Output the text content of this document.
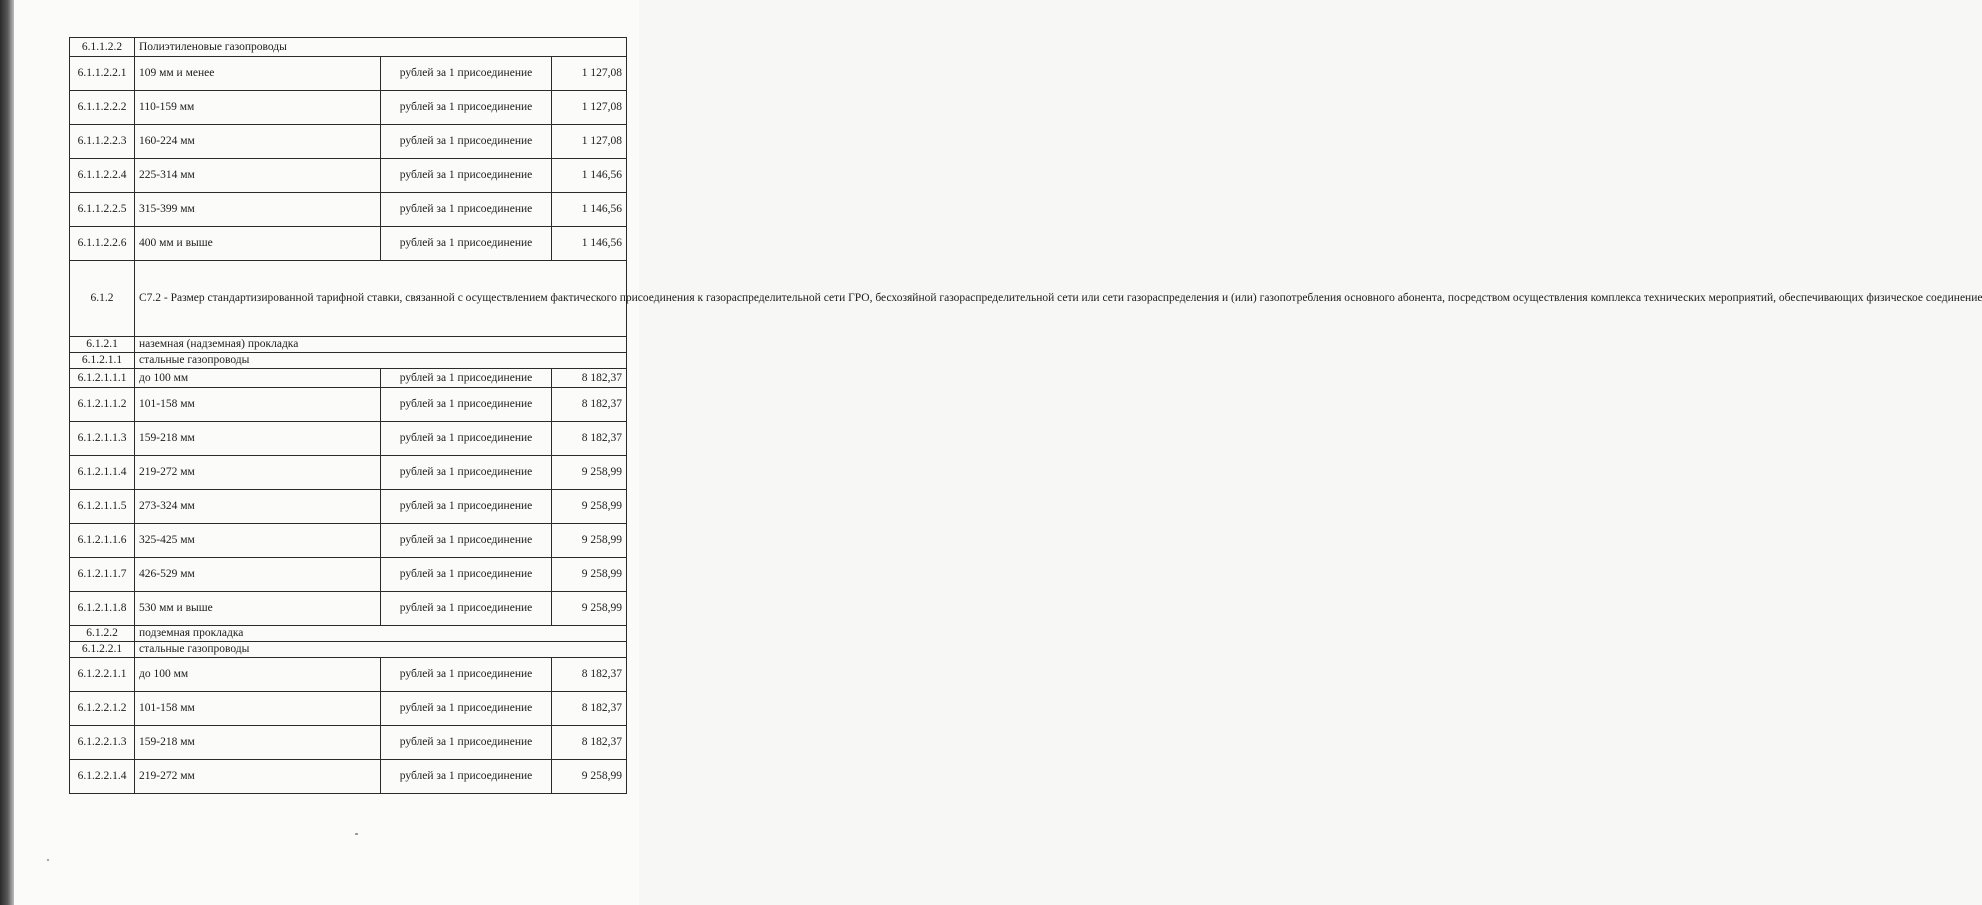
6.1.1.2.2	Полиэтиленовые газопроводы		
6.1.1.2.2.1	109 мм и менее	рублей за 1 присоединение	1 127,08
6.1.1.2.2.2	110-159 мм	рублей за 1 присоединение	1 127,08
6.1.1.2.2.3	160-224 мм	рублей за 1 присоединение	1 127,08
6.1.1.2.2.4	225-314 мм	рублей за 1 присоединение	1 146,56
6.1.1.2.2.5	315-399 мм	рублей за 1 присоединение	1 146,56
6.1.1.2.2.6	400 мм и выше	рублей за 1 присоединение	1 146,56
6.1.2	С7.2 - Размер стандартизированной тарифной ставки, связанной с осуществлением фактического присоединения к газораспределительной сети ГРО, бесхозяйной газораспределительной сети или сети газораспределения и (или) газопотребления основного абонента, посредством осуществления комплекса технических мероприятий, обеспечивающих физическое соединение		
6.1.2.1	наземная (надземная) прокладка		
6.1.2.1.1	стальные газопроводы		
6.1.2.1.1.1	до 100 мм	рублей за 1 присоединение	8 182,37
6.1.2.1.1.2	101-158 мм	рублей за 1 присоединение	8 182,37
6.1.2.1.1.3	159-218 мм	рублей за 1 присоединение	8 182,37
6.1.2.1.1.4	219-272 мм	рублей за 1 присоединение	9 258,99
6.1.2.1.1.5	273-324 мм	рублей за 1 присоединение	9 258,99
6.1.2.1.1.6	325-425 мм	рублей за 1 присоединение	9 258,99
6.1.2.1.1.7	426-529 мм	рублей за 1 присоединение	9 258,99
6.1.2.1.1.8	530 мм и выше	рублей за 1 присоединение	9 258,99
6.1.2.2	подземная прокладка		
6.1.2.2.1	стальные газопроводы		
6.1.2.2.1.1	до 100 мм	рублей за 1 присоединение	8 182,37
6.1.2.2.1.2	101-158 мм	рублей за 1 присоединение	8 182,37
6.1.2.2.1.3	159-218 мм	рублей за 1 присоединение	8 182,37
6.1.2.2.1.4	219-272 мм	рублей за 1 присоединение	9 258,99
